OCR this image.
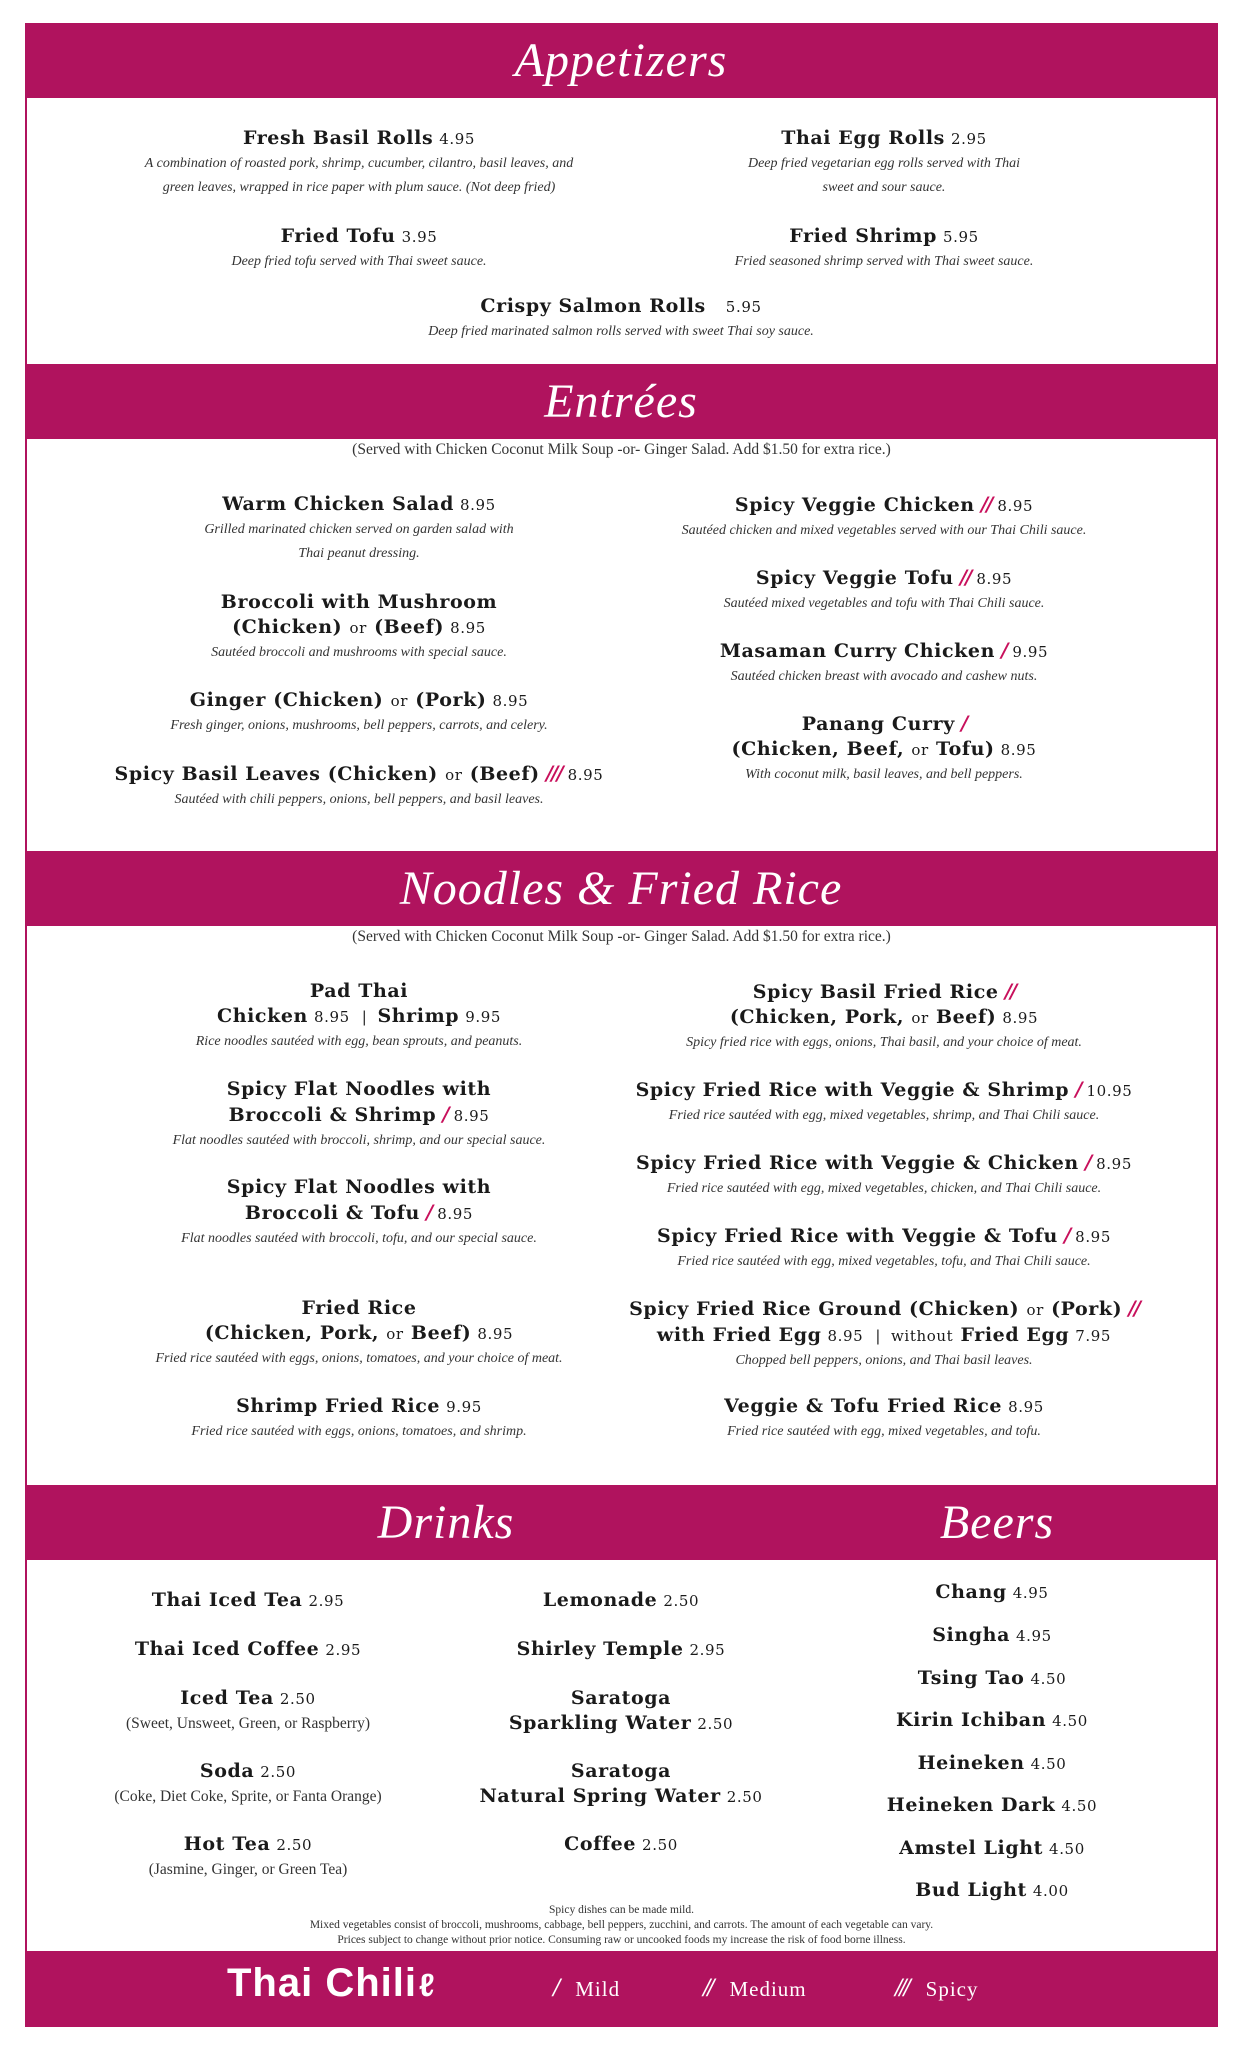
Appetizers
Fresh Basil Rolls 4.95
A combination of roasted pork, shrimp, cucumber, cilantro, basil leaves, and
green leaves, wrapped in rice paper with plum sauce. (Not deep fried)
Thai Egg Rolls 2.95
Deep fried vegetarian egg rolls served with Thai
sweet and sour sauce.
Fried Tofu 3.95
Deep fried tofu served with Thai sweet sauce.
Fried Shrimp 5.95
Fried seasoned shrimp served with Thai sweet sauce.
Crispy Salmon Rolls 5.95
Deep fried marinated salmon rolls served with sweet Thai soy sauce.
Entrées
(Served with Chicken Coconut Milk Soup -or- Ginger Salad. Add $1.50 for extra rice.)
Warm Chicken Salad 8.95
Grilled marinated chicken served on garden salad with
Thai peanut dressing.
Broccoli with Mushroom
(Chicken) or (Beef) 8.95
Sautéed broccoli and mushrooms with special sauce.
Ginger (Chicken) or (Pork) 8.95
Fresh ginger, onions, mushrooms, bell peppers, carrots, and celery.
Spicy Basil Leaves (Chicken) or (Beef) /// 8.95
Sautéed with chili peppers, onions, bell peppers, and basil leaves.
Spicy Veggie Chicken // 8.95
Sautéed chicken and mixed vegetables served with our Thai Chili sauce.
Spicy Veggie Tofu // 8.95
Sautéed mixed vegetables and tofu with Thai Chili sauce.
Masaman Curry Chicken / 9.95
Sautéed chicken breast with avocado and cashew nuts.
Panang Curry /
(Chicken, Beef, or Tofu) 8.95
With coconut milk, basil leaves, and bell peppers.
Noodles & Fried Rice
(Served with Chicken Coconut Milk Soup -or- Ginger Salad. Add $1.50 for extra rice.)
Pad Thai
Chicken 8.95 | Shrimp 9.95
Rice noodles sautéed with egg, bean sprouts, and peanuts.
Spicy Flat Noodles with
Broccoli & Shrimp / 8.95
Flat noodles sautéed with broccoli, shrimp, and our special sauce.
Spicy Flat Noodles with
Broccoli & Tofu / 8.95
Flat noodles sautéed with broccoli, tofu, and our special sauce.
Fried Rice
(Chicken, Pork, or Beef) 8.95
Fried rice sautéed with eggs, onions, tomatoes, and your choice of meat.
Shrimp Fried Rice 9.95
Fried rice sautéed with eggs, onions, tomatoes, and shrimp.
Spicy Basil Fried Rice //
(Chicken, Pork, or Beef) 8.95
Spicy fried rice with eggs, onions, Thai basil, and your choice of meat.
Spicy Fried Rice with Veggie & Shrimp / 10.95
Fried rice sautéed with egg, mixed vegetables, shrimp, and Thai Chili sauce.
Spicy Fried Rice with Veggie & Chicken / 8.95
Fried rice sautéed with egg, mixed vegetables, chicken, and Thai Chili sauce.
Spicy Fried Rice with Veggie & Tofu / 8.95
Fried rice sautéed with egg, mixed vegetables, tofu, and Thai Chili sauce.
Spicy Fried Rice Ground (Chicken) or (Pork) //
with Fried Egg 8.95 | without Fried Egg 7.95
Chopped bell peppers, onions, and Thai basil leaves.
Veggie & Tofu Fried Rice 8.95
Fried rice sautéed with egg, mixed vegetables, and tofu.
Drinks	Beers
Thai Iced Tea 2.95
Thai Iced Coffee 2.95
Iced Tea 2.50
(Sweet, Unsweet, Green, or Raspberry)
Soda 2.50
(Coke, Diet Coke, Sprite, or Fanta Orange)
Hot Tea 2.50
(Jasmine, Ginger, or Green Tea)
Lemonade 2.50
Shirley Temple 2.95
Saratoga
Sparkling Water 2.50
Saratoga
Natural Spring Water 2.50
Coffee 2.50
Chang 4.95
Singha 4.95
Tsing Tao 4.50
Kirin Ichiban 4.50
Heineken 4.50
Heineken Dark 4.50
Amstel Light 4.50
Bud Light 4.00
Spicy dishes can be made mild.
Mixed vegetables consist of broccoli, mushrooms, cabbage, bell peppers, zucchini, and carrots. The amount of each vegetable can vary.
Prices subject to change without prior notice. Consuming raw or uncooked foods my increase the risk of food borne illness.
Thai Chiliℓ	/ Mild	// Medium	/// Spicy
